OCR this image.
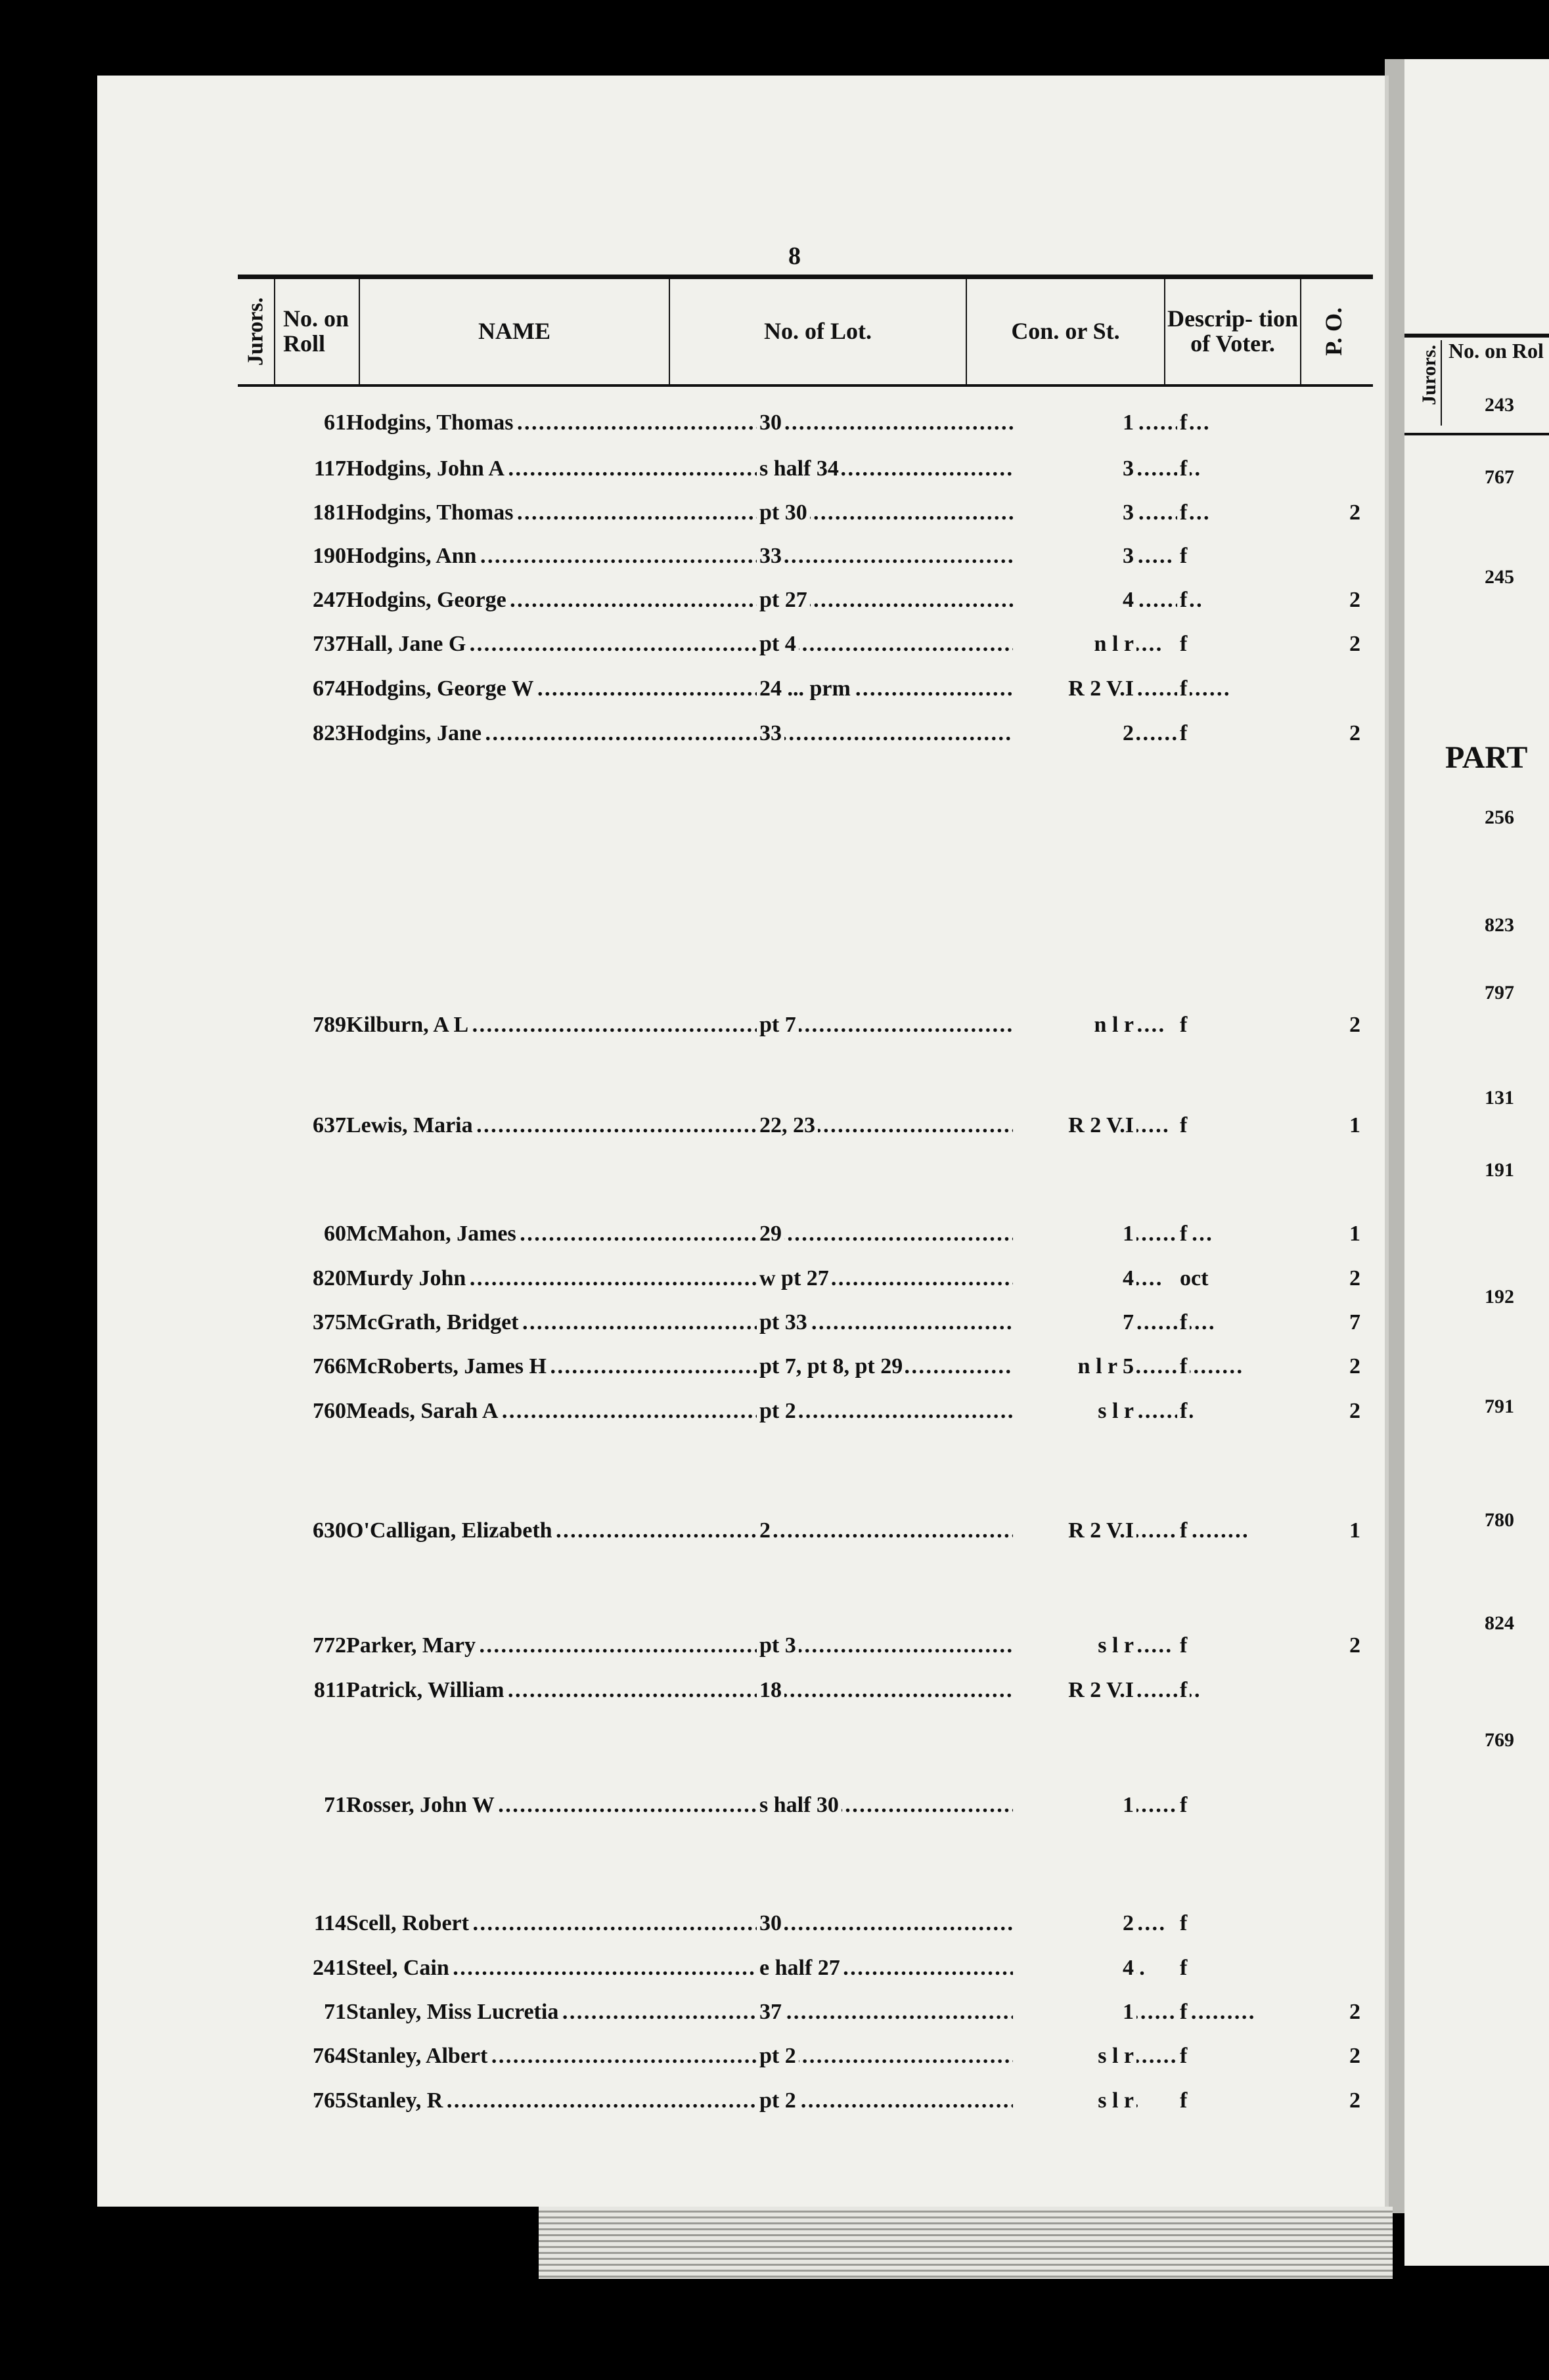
8
Jurors. No. on Roll	NAME	No. of Lot.	Con. or St.	Descrip- tion of Voter.	P. O.
61 Hodgins, Thomas . . .	30	1 f
117 Hodgins, John A . . .	s half 34	3 f
181 Hodgins, Thomas . . .	pt 30	3 f	2
190 Hodgins, Ann . . .	33	3 f
247 Hodgins, George . . .	pt 27	4 f	2
737 Hall, Jane G . . .	pt 4	n l r f	2
674 Hodgins, George W . . .	24 ... prm	R 2 V.I f
823 Hodgins, Jane . . .	33	2 f	2
789 Kilburn, A L . . .	pt 7	n l r f	2
637 Lewis, Maria . . .	22, 23	R 2 V.I f	1
60 McMahon, James . . .	29	1 f	1
820 Murdy John . . .	w pt 27	4 oct	2
375 McGrath, Bridget . . .	pt 33	7 f	7
766 McRoberts, James H . . .	pt 7, pt 8, pt 29	n l r 5 f	2
760 Meads, Sarah A . . .	pt 2	s l r f	2
630 O'Calligan, Elizabeth . . .	2	R 2 V.I f	1
772 Parker, Mary . . .	pt 3	s l r f	2
811 Patrick, William . . .	18	R 2 V.I f
71 Rosser, John W . . .	s half 30	1 f
114 Scell, Robert . . .	30	2 f
241 Steel, Cain . . .	e half 27	4 f
71 Stanley, Miss Lucretia . . .	37	1 f	2
764 Stanley, Albert . . .	pt 2	s l r f	2
765 Stanley, R . . .	pt 2	s l r f	2
Jurors. No. on Rol
PART
243
767
245
256
823
797
131
191
192
791
780
824
769
